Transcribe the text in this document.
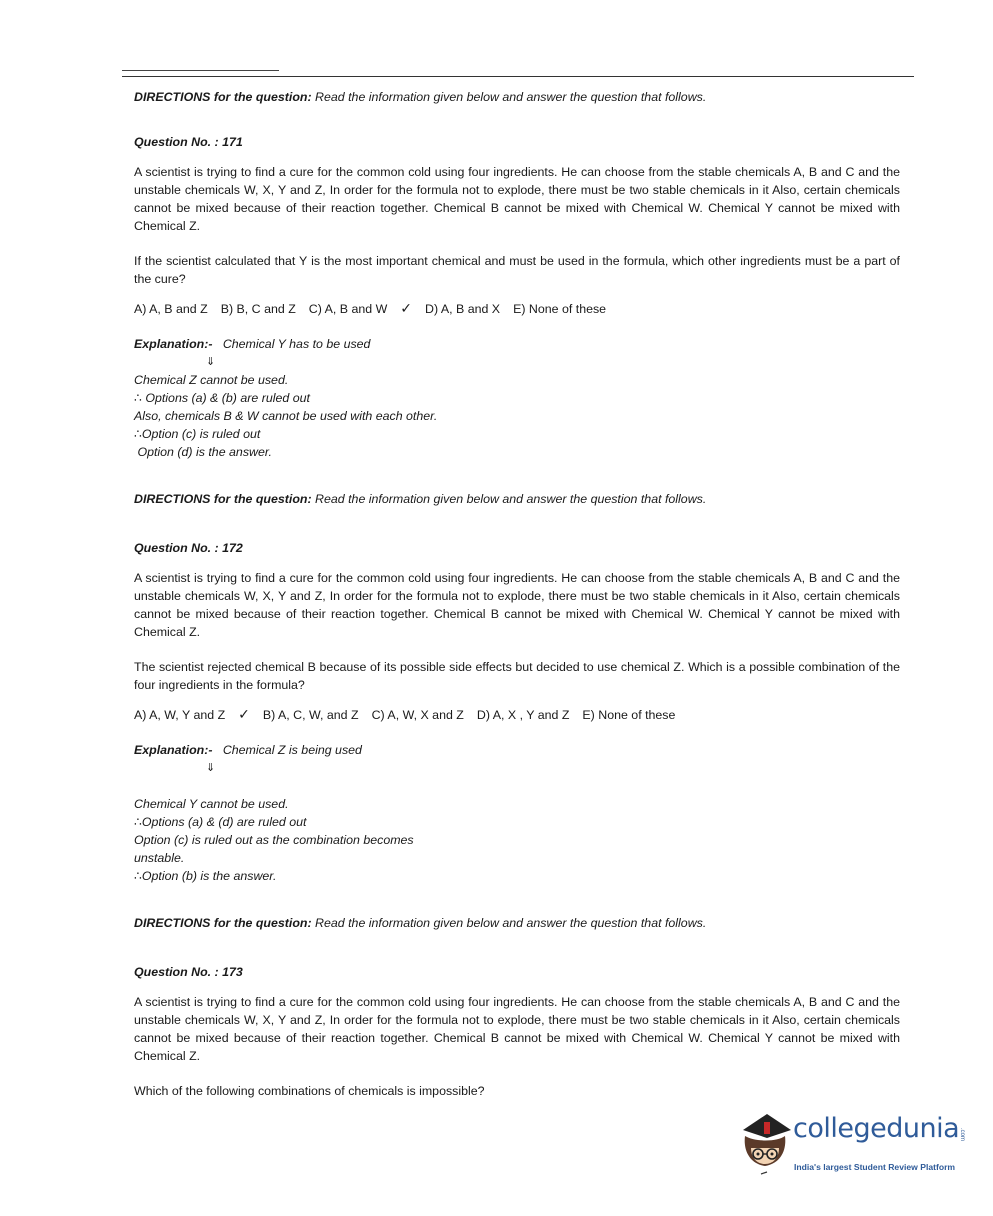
DIRECTIONS for the question: Read the information given below and answer the question that follows.

Question No. : 171

A scientist is trying to find a cure for the common cold using four ingredients. He can choose from the stable chemicals A, B and C and the unstable chemicals W, X, Y and Z, In order for the formula not to explode, there must be two stable chemicals in it Also, certain chemicals cannot be mixed because of their reaction together. Chemical B cannot be mixed with Chemical W. Chemical Y cannot be mixed with Chemical Z.

If the scientist calculated that Y is the most important chemical and must be used in the formula, which other ingredients must be a part of the cure?

A) A, B and Z B) B, C and Z C) A, B and W ✓ D) A, B and X E) None of these

Explanation:- Chemical Y has to be used

⇓

Chemical Z cannot be used.

∴ Options (a) & (b) are ruled out

Also, chemicals B & W cannot be used with each other.

∴Option (c) is ruled out

Option (d) is the answer.

DIRECTIONS for the question: Read the information given below and answer the question that follows.

Question No. : 172

A scientist is trying to find a cure for the common cold using four ingredients. He can choose from the stable chemicals A, B and C and the unstable chemicals W, X, Y and Z, In order for the formula not to explode, there must be two stable chemicals in it Also, certain chemicals cannot be mixed because of their reaction together. Chemical B cannot be mixed with Chemical W. Chemical Y cannot be mixed with Chemical Z.

The scientist rejected chemical B because of its possible side effects but decided to use chemical Z. Which is a possible combination of the four ingredients in the formula?

A) A, W, Y and Z ✓ B) A, C, W, and Z C) A, W, X and Z D) A, X , Y and Z E) None of these

Explanation:- Chemical Z is being used

⇓

Chemical Y cannot be used.

∴Options (a) & (d) are ruled out

Option (c) is ruled out as the combination becomes

unstable.

∴Option (b) is the answer.

DIRECTIONS for the question: Read the information given below and answer the question that follows.

Question No. : 173

A scientist is trying to find a cure for the common cold using four ingredients. He can choose from the stable chemicals A, B and C and the unstable chemicals W, X, Y and Z, In order for the formula not to explode, there must be two stable chemicals in it Also, certain chemicals cannot be mixed because of their reaction together. Chemical B cannot be mixed with Chemical W. Chemical Y cannot be mixed with Chemical Z.

Which of the following combinations of chemicals is impossible?

collegedunia .com
India's largest Student Review Platform
